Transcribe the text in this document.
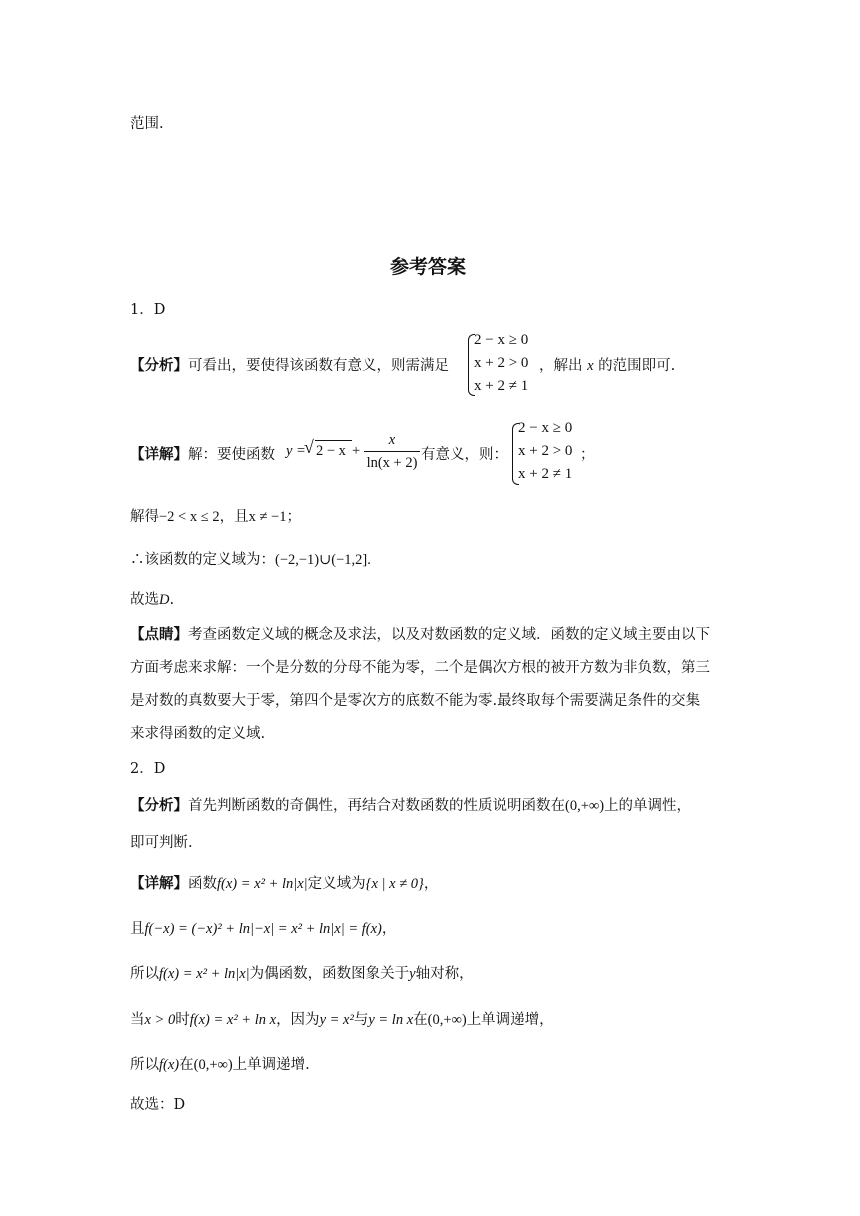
范围.
参考答案
1．D
【分析】可看出，要使得该函数有意义，则需满足
2 − x ≥ 0
x + 2 > 0
x + 2 ≠ 1
，解出 x 的范围即可.
【详解】解：要使函数 y =
√ 2 − x +
x
ln(x + 2) 有意义，则：
2 − x ≥ 0
x + 2 > 0
x + 2 ≠ 1
；
解得−2 < x ≤ 2，且x ≠ −1；
∴该函数的定义域为：(−2,−1)∪(−1,2].
故选D.
【点睛】考查函数定义域的概念及求法，以及对数函数的定义域．函数的定义域主要由以下
方面考虑来求解：一个是分数的分母不能为零，二个是偶次方根的被开方数为非负数，第三
是对数的真数要大于零，第四个是零次方的底数不能为零.最终取每个需要满足条件的交集
来求得函数的定义域.
2．D
【分析】首先判断函数的奇偶性，再结合对数函数的性质说明函数在(0,+∞)上的单调性，
即可判断.
【详解】函数f(x) = x² + ln|x|定义域为{x | x ≠ 0}，
且f(−x) = (−x)² + ln|−x| = x² + ln|x| = f(x)，
所以f(x) = x² + ln|x|为偶函数，函数图象关于y轴对称，
当x > 0时f(x) = x² + ln x，因为y = x²与y = ln x在(0,+∞)上单调递增，
所以f(x)在(0,+∞)上单调递增.
故选：D
